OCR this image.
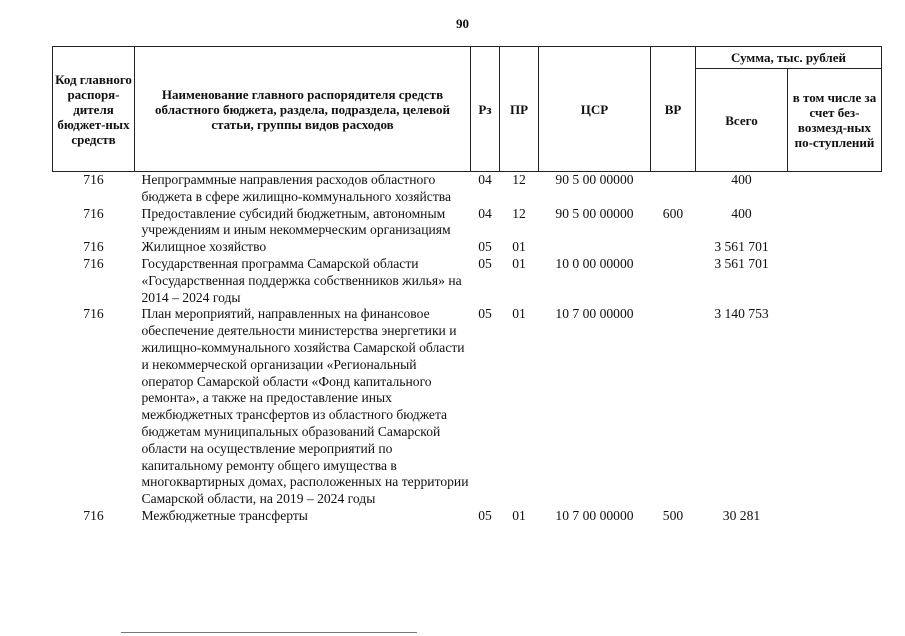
90
Код главного распоря-дителя бюджет-ных средств	Наименование главного распорядителя средств областного бюджета, раздела, подраздела, целевой статьи, группы видов расходов	Рз	ПР	ЦСР	ВР	Сумма, тыс. рублей	
						Всего	в том числе за счет без-возмезд-ных по-ступлений
716	Непрограммные направления расходов областного бюджета в сфере жилищно-коммунального хозяйства	04	12	90 5 00 00000		400	
716	Предоставление субсидий бюджетным, автономным учреждениям и иным некоммерческим организациям	04	12	90 5 00 00000	600	400	
716	Жилищное хозяйство	05	01			3 561 701	
716	Государственная программа Самарской области «Государственная поддержка собственников жилья» на 2014 – 2024 годы	05	01	10 0 00 00000		3 561 701	
716	План мероприятий, направленных на финансовое обеспечение деятельности министерства энергетики и жилищно-коммунального хозяйства Самарской области и некоммерческой организации «Региональный оператор Самарской области «Фонд капитального ремонта», а также на предоставление иных межбюджетных трансфертов из областного бюджета бюджетам муниципальных образований Самарской области на осуществление мероприятий по капитальному ремонту общего имущества в многоквартирных домах, расположенных на территории Самарской области, на 2019 – 2024 годы	05	01	10 7 00 00000		3 140 753	
716	Межбюджетные трансферты	05	01	10 7 00 00000	500	30 281	
